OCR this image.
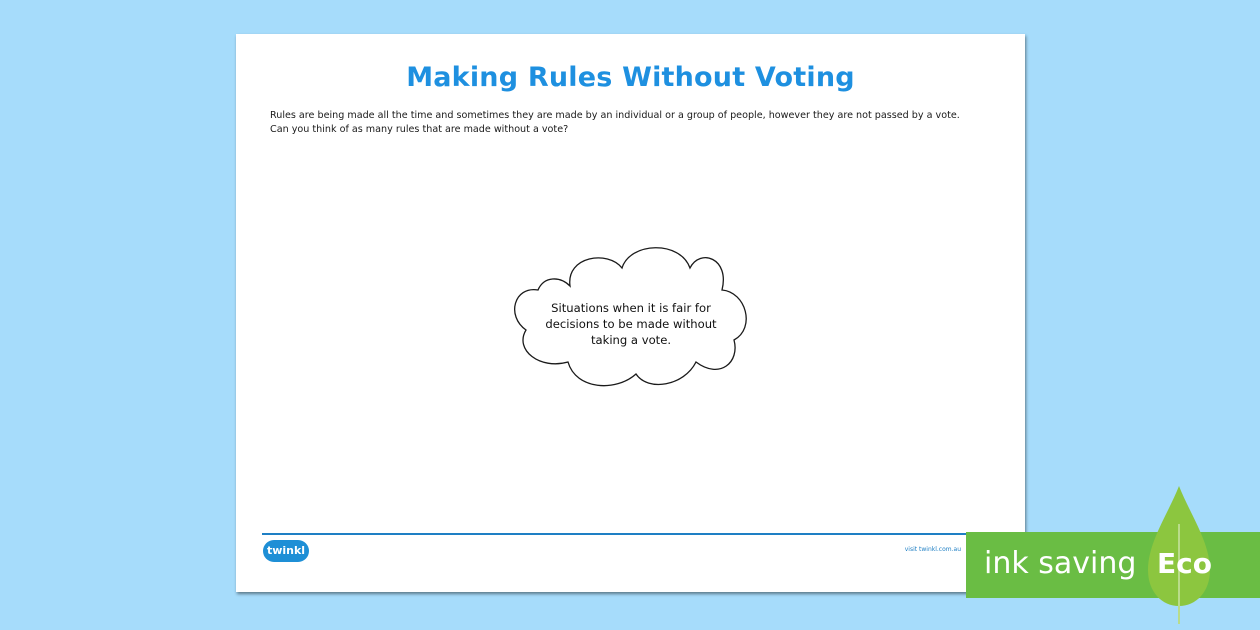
Making Rules Without Voting

Rules are being made all the time and sometimes they are made by an individual or a group of people, however they are not passed by a vote.

Can you think of as many rules that are made without a vote?

Situations when it is fair for decisions to be made without taking a vote.
twinkl	visit twinkl.com.au ink saving Eco
